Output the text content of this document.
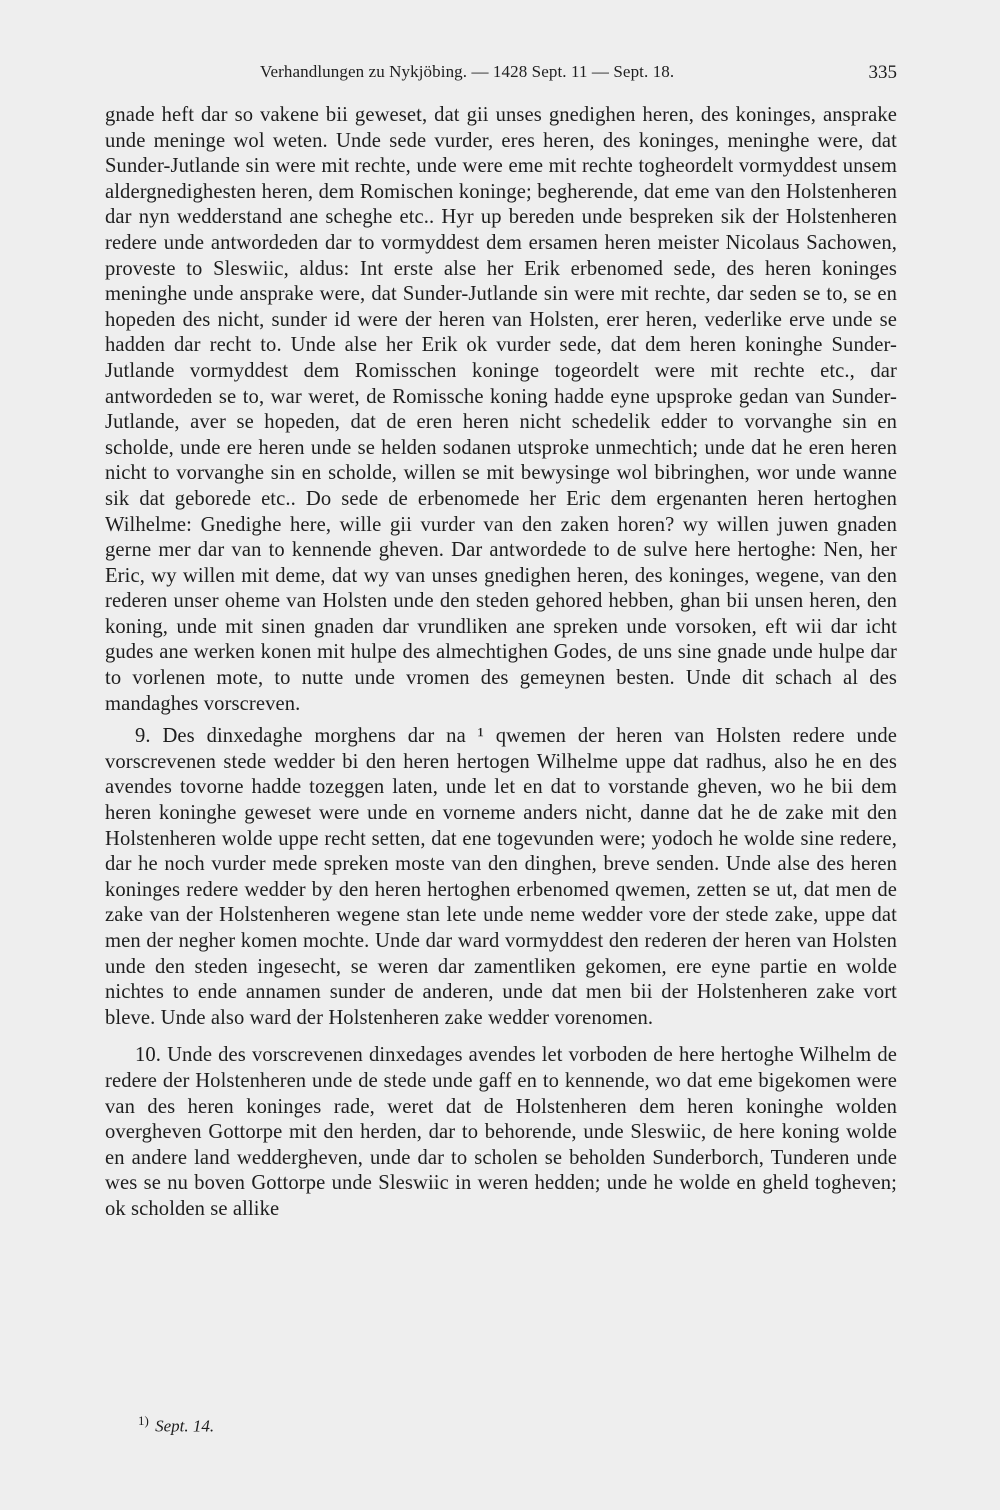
Verhandlungen zu Nykjöbing. — 1428 Sept. 11 — Sept. 18.	335

gnade heft dar so vakene bii geweset, dat gii unses gnedighen heren, des koninges, ansprake unde meninge wol weten. Unde sede vurder, eres heren, des koninges, meninghe were, dat Sunder-Jutlande sin were mit rechte, unde were eme mit rechte togheordelt vormyddest unsem aldergnedighesten heren, dem Romischen koninge; begherende, dat eme van den Holstenheren dar nyn wedderstand ane scheghe etc.. Hyr up bereden unde bespreken sik der Holstenheren redere unde antwordeden dar to vormyddest dem ersamen heren meister Nicolaus Sachowen, proveste to Sleswiic, aldus: Int erste alse her Erik erbenomed sede, des heren koninges meninghe unde ansprake were, dat Sunder-Jutlande sin were mit rechte, dar seden se to, se en hopeden des nicht, sunder id were der heren van Holsten, erer heren, vederlike erve unde se hadden dar recht to. Unde alse her Erik ok vurder sede, dat dem heren koninghe Sunder-Jutlande vormyddest dem Romisschen koninge togeordelt were mit rechte etc., dar antwordeden se to, war weret, de Romissche koning hadde eyne upsproke gedan van Sunder-Jutlande, aver se hopeden, dat de eren heren nicht schedelik edder to vorvanghe sin en scholde, unde ere heren unde se helden sodanen utsproke unmechtich; unde dat he eren heren nicht to vorvanghe sin en scholde, willen se mit bewysinge wol bibringhen, wor unde wanne sik dat geborede etc.. Do sede de erbenomede her Eric dem ergenanten heren hertoghen Wilhelme: Gnedighe here, wille gii vurder van den zaken horen? wy willen juwen gnaden gerne mer dar van to kennende gheven. Dar antwordede to de sulve here hertoghe: Nen, her Eric, wy willen mit deme, dat wy van unses gnedighen heren, des koninges, wegene, van den rederen unser oheme van Holsten unde den steden gehored hebben, ghan bii unsen heren, den koning, unde mit sinen gnaden dar vrundliken ane spreken unde vorsoken, eft wii dar icht gudes ane werken konen mit hulpe des almechtighen Godes, de uns sine gnade unde hulpe dar to vorlenen mote, to nutte unde vromen des gemeynen besten. Unde dit schach al des mandaghes vorscreven.

9. Des dinxedaghe morghens dar na ¹ qwemen der heren van Holsten redere unde vorscrevenen stede wedder bi den heren hertogen Wilhelme uppe dat radhus, also he en des avendes tovorne hadde tozeggen laten, unde let en dat to vorstande gheven, wo he bii dem heren koninghe geweset were unde en vorneme anders nicht, danne dat he de zake mit den Holstenheren wolde uppe recht setten, dat ene togevunden were; yodoch he wolde sine redere, dar he noch vurder mede spreken moste van den dinghen, breve senden. Unde alse des heren koninges redere wedder by den heren hertoghen erbenomed qwemen, zetten se ut, dat men de zake van der Holstenheren wegene stan lete unde neme wedder vore der stede zake, uppe dat men der negher komen mochte. Unde dar ward vormyddest den rederen der heren van Holsten unde den steden ingesecht, se weren dar zamentliken gekomen, ere eyne partie en wolde nichtes to ende annamen sunder de anderen, unde dat men bii der Holstenheren zake vort bleve. Unde also ward der Holstenheren zake wedder vorenomen.

10. Unde des vorscrevenen dinxedages avendes let vorboden de here hertoghe Wilhelm de redere der Holstenheren unde de stede unde gaff en to kennende, wo dat eme bigekomen were van des heren koninges rade, weret dat de Holstenheren dem heren koninghe wolden overgheven Gottorpe mit den herden, dar to behorende, unde Sleswiic, de here koning wolde en andere land weddergheven, unde dar to scholen se beholden Sunderborch, Tunderen unde wes se nu boven Gottorpe unde Sleswiic in weren hedden; unde he wolde en gheld togheven; ok scholden se allike

$^{1)}$ Sept. 14.
